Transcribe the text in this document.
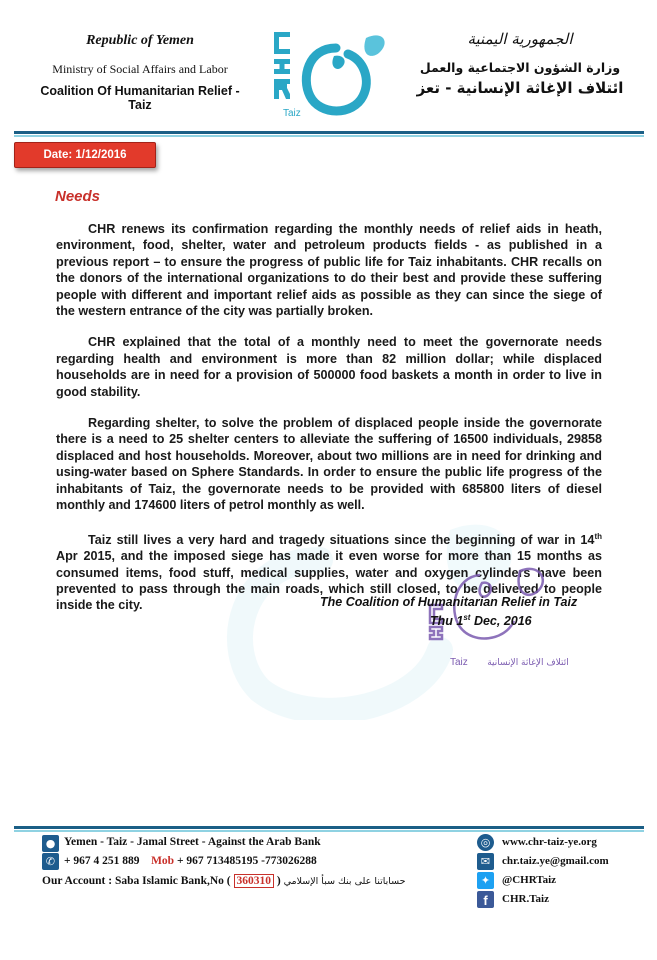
Republic of Yemen
Ministry of Social Affairs and Labor
Coalition Of Humanitarian Relief - Taiz
Taiz
الجمهورية اليمنية
وزارة الشؤون الاجتماعية والعمل
ائتلاف الإغاثة الإنسانية - تعز
Date: 1/12/2016
Needs

CHR renews its confirmation regarding the monthly needs of relief aids in heath, environment, food, shelter, water and petroleum products fields - as published in a previous report – to ensure the progress of public life for Taiz inhabitants. CHR recalls on the donors of the international organizations to do their best and provide these suffering people with different and important relief aids as possible as they can since the siege of the western entrance of the city was partially broken.

CHR explained that the total of a monthly need to meet the governorate needs regarding health and environment is more than 82 million dollar; while displaced households are in need for a provision of 500000 food baskets a month in order to live in good stability.

Regarding shelter, to solve the problem of displaced people inside the governorate there is a need to 25 shelter centers to alleviate the suffering of 16500 individuals, 29858 displaced and host households. Moreover, about two millions are in need for drinking and using-water based on Sphere Standards. In order to ensure the public life progress of the inhabitants of Taiz, the governorate needs to be provided with 685800 liters of diesel monthly and 174600 liters of petrol monthly as well.

Taiz still lives a very hard and tragedy situations since the beginning of war in 14th Apr 2015, and the imposed siege has made it even worse for more than 15 months as consumed items, food stuff, medical supplies, water and oxygen cylinders have been prevented to pass through the main roads, which still closed, to be delivered to people inside the city.

Taiz ائتلاف الإغاثة الإنسانية
CHR
The Coalition of Humanitarian Relief in Taiz
Thu 1st Dec, 2016
● Yemen - Taiz - Jamal Street - Against the Arab Bank
✆ + 967 4 251 889 Mob + 967 713485195 -773026288
Our Account : Saba Islamic Bank,No ( 360310 ) حساباتنا على بنك سبأ الإسلامي
◎	www.chr-taiz-ye.org
✉	chr.taiz.ye@gmail.com
✦	@CHRTaiz
f	CHR.Taiz
